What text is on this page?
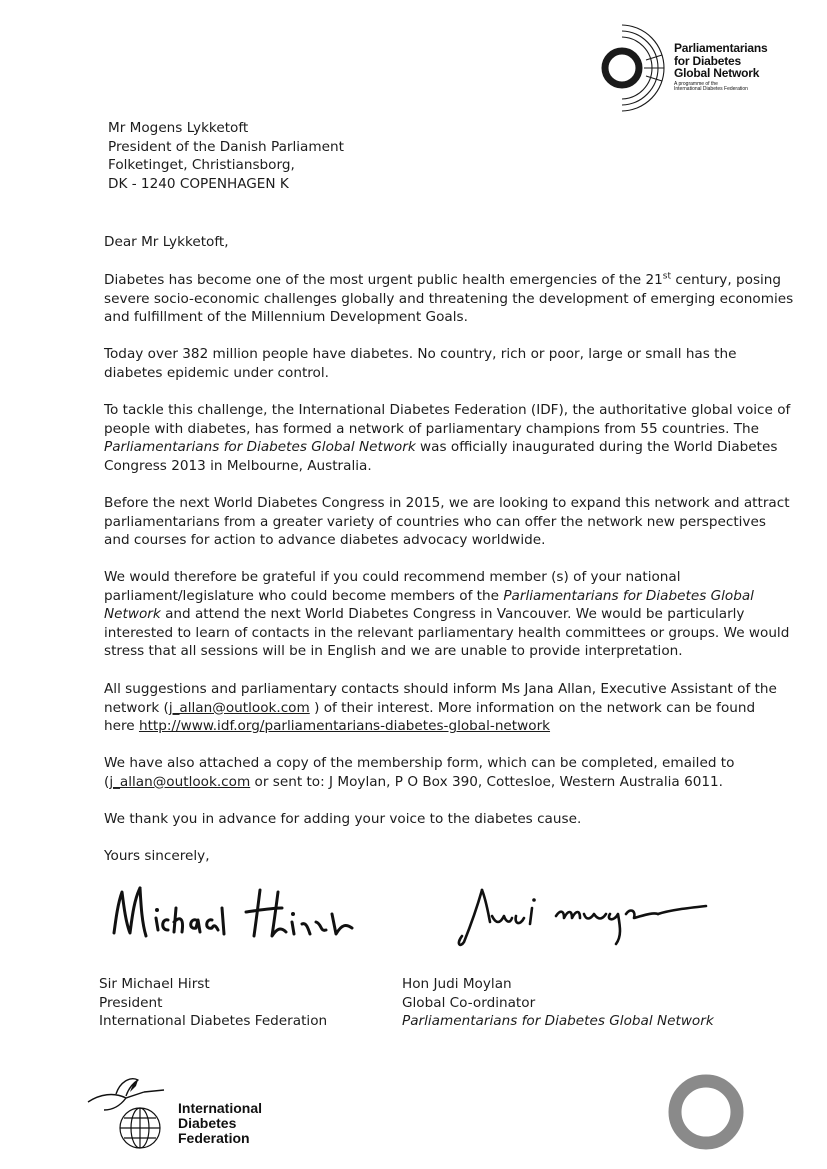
Parliamentarians
for Diabetes
Global Network
A programme of the
International Diabetes Federation
Mr Mogens Lykketoft
President of the Danish Parliament
Folketinget, Christiansborg,
DK - 1240 COPENHAGEN K
Dear Mr Lykketoft,
Diabetes has become one of the most urgent public health emergencies of the 21st century, posing
severe socio-economic challenges globally and threatening the development of emerging economies
and fulfillment of the Millennium Development Goals.
Today over 382 million people have diabetes. No country, rich or poor, large or small has the
diabetes epidemic under control.
To tackle this challenge, the International Diabetes Federation (IDF), the authoritative global voice of
people with diabetes, has formed a network of parliamentary champions from 55 countries. The
Parliamentarians for Diabetes Global Network was officially inaugurated during the World Diabetes
Congress 2013 in Melbourne, Australia.
Before the next World Diabetes Congress in 2015, we are looking to expand this network and attract
parliamentarians from a greater variety of countries who can offer the network new perspectives
and courses for action to advance diabetes advocacy worldwide.
We would therefore be grateful if you could recommend member (s) of your national
parliament/legislature who could become members of the Parliamentarians for Diabetes Global
Network and attend the next World Diabetes Congress in Vancouver. We would be particularly
interested to learn of contacts in the relevant parliamentary health committees or groups. We would
stress that all sessions will be in English and we are unable to provide interpretation.
All suggestions and parliamentary contacts should inform Ms Jana Allan, Executive Assistant of the
network (j_allan@outlook.com ) of their interest. More information on the network can be found
here http://www.idf.org/parliamentarians-diabetes-global-network
We have also attached a copy of the membership form, which can be completed, emailed to
(j_allan@outlook.com or sent to: J Moylan, P O Box 390, Cottesloe, Western Australia 6011.
We thank you in advance for adding your voice to the diabetes cause.
Yours sincerely,
Sir Michael Hirst
President
International Diabetes Federation
Hon Judi Moylan
Global Co-ordinator
Parliamentarians for Diabetes Global Network
International
Diabetes
Federation
